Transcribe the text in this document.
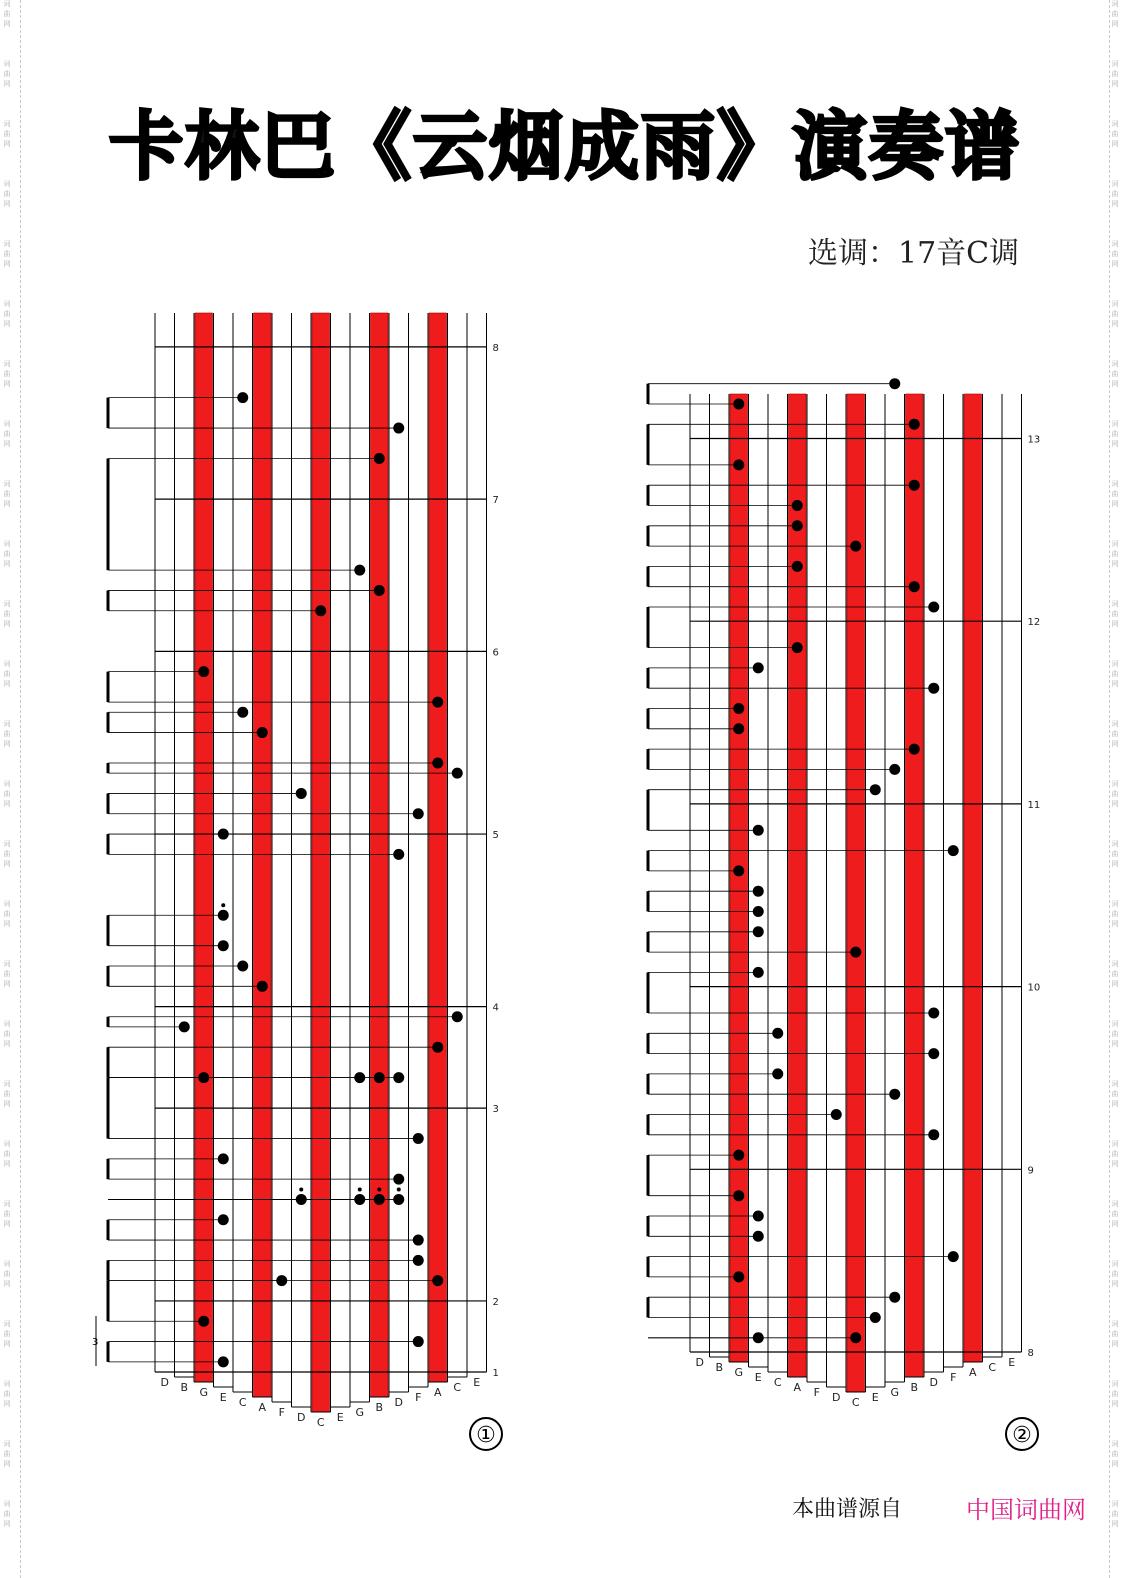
词
曲
网
词
曲
网
词
曲
网
词
曲
网
词
曲
网
词
曲
网
词
曲
网
词
曲
网
词
曲
网
词
曲
网
词
曲
网
词
曲
网
词
曲
网
词
曲
网
词
曲
网
词
曲
网
词
曲
网
词
曲
网
词
曲
网
词
曲
网
词
曲
网
词
曲
网
词
曲
网
词
曲
网
词
曲
网
词
曲
网
词
曲
网
词
曲
网
词
曲
网
词
曲
网
词
曲
网
词
曲
网
词
曲
网
词
曲
网
词
曲
网
词
曲
网
词
曲
网
词
曲
网
词
曲
网
词
曲
网
词
曲
网
词
曲
网
词
曲
网
词
曲
网
词
曲
网
词
曲
网
词
曲
网
词
曲
网
词
曲
网
词
曲
网
词
曲
网
词
曲
网
卡林巴《云烟成雨》演奏谱
选调：17音C调
D B G E C A F D C E G B D F A C E
1
2
3
4
5
6
7
8
①
3
D B G E C A F D C E G B D F A C E
8
9
10
11
12
13
②
本曲谱源自	中国词曲网
